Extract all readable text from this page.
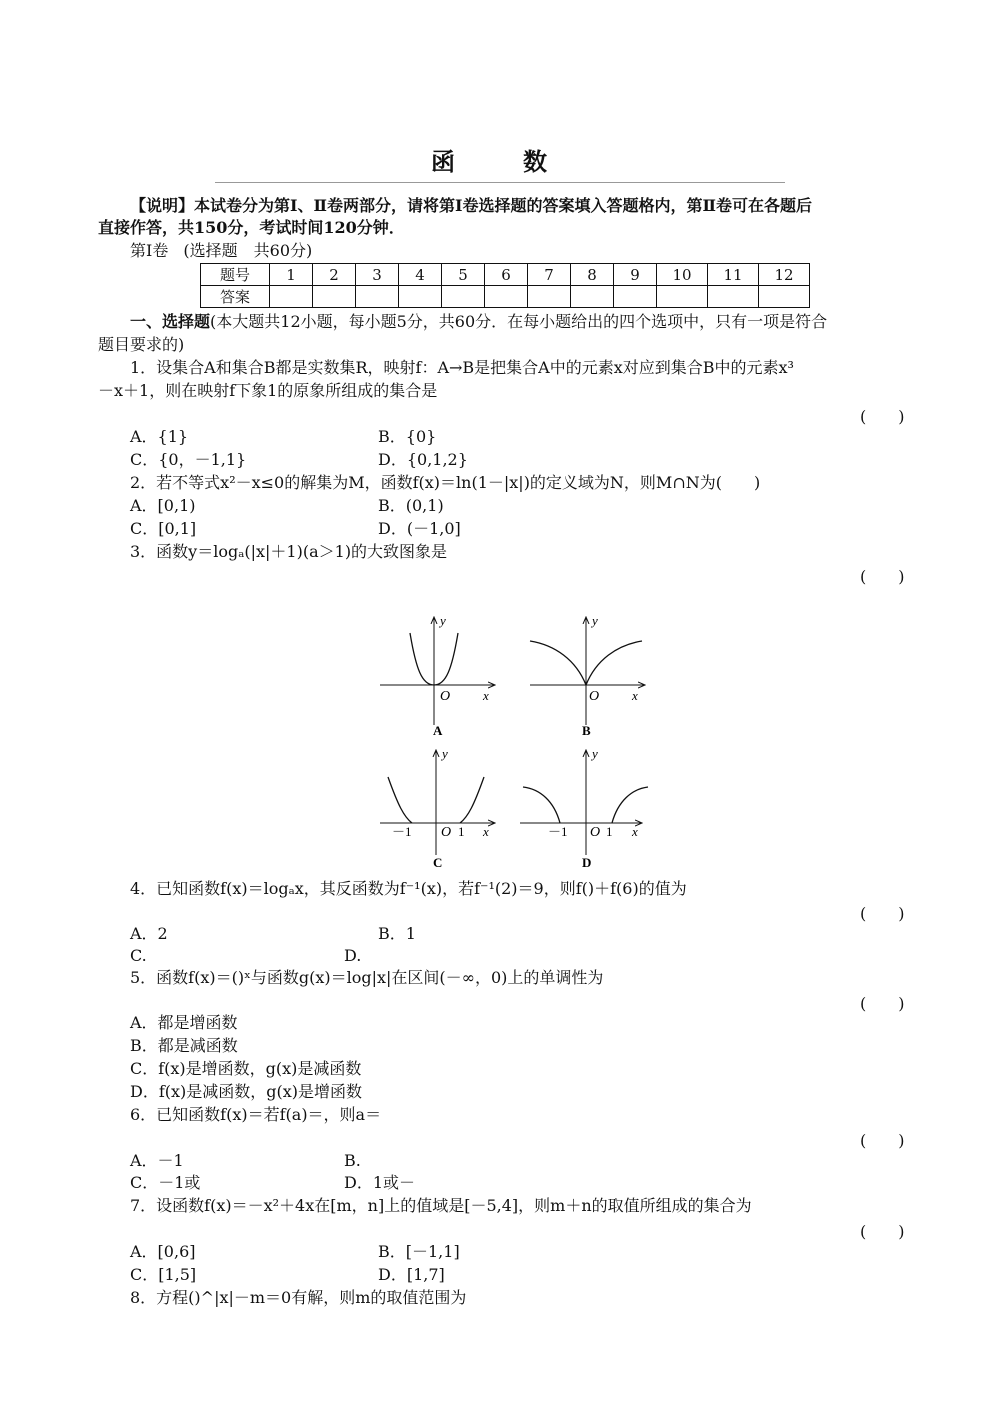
函　数
【说明】本试卷分为第Ⅰ、Ⅱ卷两部分，请将第Ⅰ卷选择题的答案填入答题格内，第Ⅱ卷可在各题后
直接作答，共150分，考试时间120分钟．
第Ⅰ卷 (选择题　共60分)
题号	1	2	3	4	5	6	7	8	9	10	11	12
答案												
一、选择题(本大题共12小题，每小题5分，共60分．在每小题给出的四个选项中，只有一项是符合
题目要求的)
1．设集合A和集合B都是实数集R，映射f：A→B是把集合A中的元素x对应到集合B中的元素x³
－x＋1，则在映射f下象1的原象所组成的集合是
(　　)
A．{1}	B．{0}
C．{0，－1,1}	D．{0,1,2}
2．若不等式x²－x≤0的解集为M，函数f(x)＝ln(1－|x|)的定义域为N，则M∩N为(　　)
A．[0,1)	B．(0,1)
C．[0,1]	D．(－1,0]
3．函数y＝logₐ(|x|＋1)(a＞1)的大致图象是
(　　)
y
O	x
A
y
O	x
B
y
－1 O 1 x
C
y
－1 O 1 x
D
4．已知函数f(x)＝logₐx，其反函数为f⁻¹(x)，若f⁻¹(2)＝9，则f()＋f(6)的值为
(　　)
A．2	B．1
C.	D.
5．函数f(x)＝()ˣ与函数g(x)＝log|x|在区间(－∞，0)上的单调性为
(　　)
A．都是增函数
B．都是减函数
C．f(x)是增函数，g(x)是减函数
D．f(x)是减函数，g(x)是增函数
6．已知函数f(x)＝若f(a)＝，则a＝
(　　)
A．－1	B.
C．－1或	D．1或－
7．设函数f(x)＝－x²＋4x在[m，n]上的值域是[－5,4]，则m＋n的取值所组成的集合为
(　　)
A．[0,6]	B．[－1,1]
C．[1,5]	D．[1,7]
8．方程()^|x|－m＝0有解，则m的取值范围为
